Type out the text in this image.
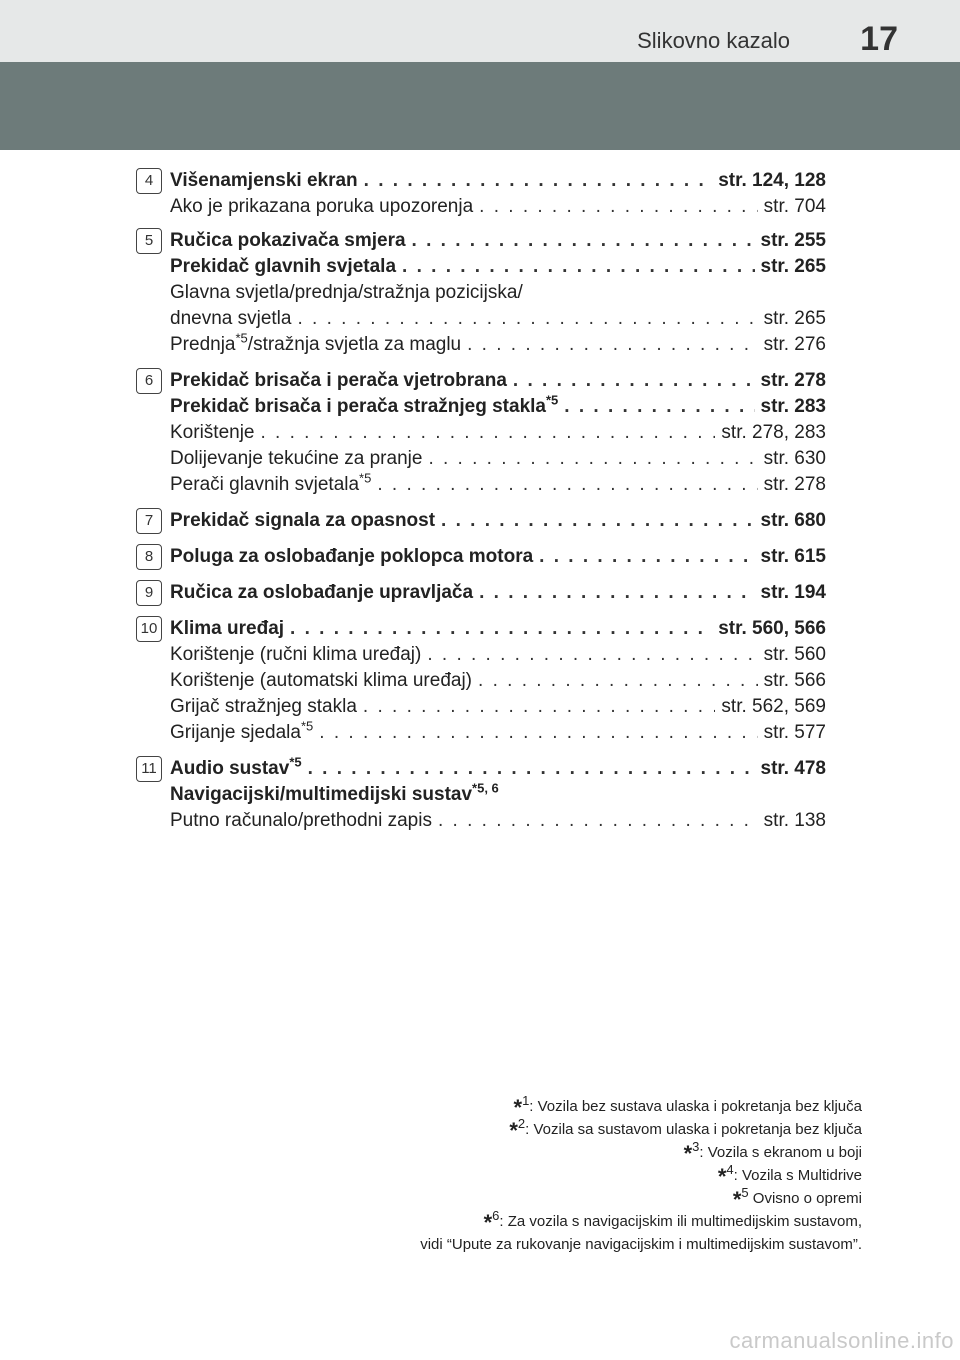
Slikovno kazalo 17
4 Višenamjenski ekran . . .	str. 124, 128
Ako je prikazana poruka upozorenja . . .	str. 704
5 Ručica pokazivača smjera . . .	str. 255
Prekidač glavnih svjetala . . .	str. 265
Glavna svjetla/prednja/stražnja pozicijska/
dnevna svjetla . . .	str. 265
Prednja$^{*5}$/stražnja svjetla za maglu . . .	str. 276
6 Prekidač brisača i perača vjetrobrana . . .	str. 278
Prekidač brisača i perača stražnjeg stakla$^{*5}$ . . .	str. 283
Korištenje . . .	str. 278, 283
Dolijevanje tekućine za pranje . . .	str. 630
Perači glavnih svjetala$^{*5}$ . . .	str. 278
7 Prekidač signala za opasnost . . .	str. 680
8 Poluga za oslobađanje poklopca motora . . .	str. 615
9 Ručica za oslobađanje upravljača . . .	str. 194
10 Klima uređaj . . .	str. 560, 566
Korištenje (ručni klima uređaj) . . .	str. 560
Korištenje (automatski klima uređaj) . . .	str. 566
Grijač stražnjeg stakla . . .	str. 562, 569
Grijanje sjedala$^{*5}$ . . .	str. 577
11 Audio sustav$^{*5}$ . . .	str. 478
Navigacijski/multimedijski sustav$^{*5, 6}$
Putno računalo/prethodni zapis . . .	str. 138
*$^1$: Vozila bez sustava ulaska i pokretanja bez ključa
*$^2$: Vozila sa sustavom ulaska i pokretanja bez ključa
*$^3$: Vozila s ekranom u boji
*$^4$: Vozila s Multidrive
*$^5$ Ovisno o opremi
*$^6$: Za vozila s navigacijskim ili multimedijskim sustavom,
vidi “Upute za rukovanje navigacijskim i multimedijskim sustavom”.
carmanualsonline.info
